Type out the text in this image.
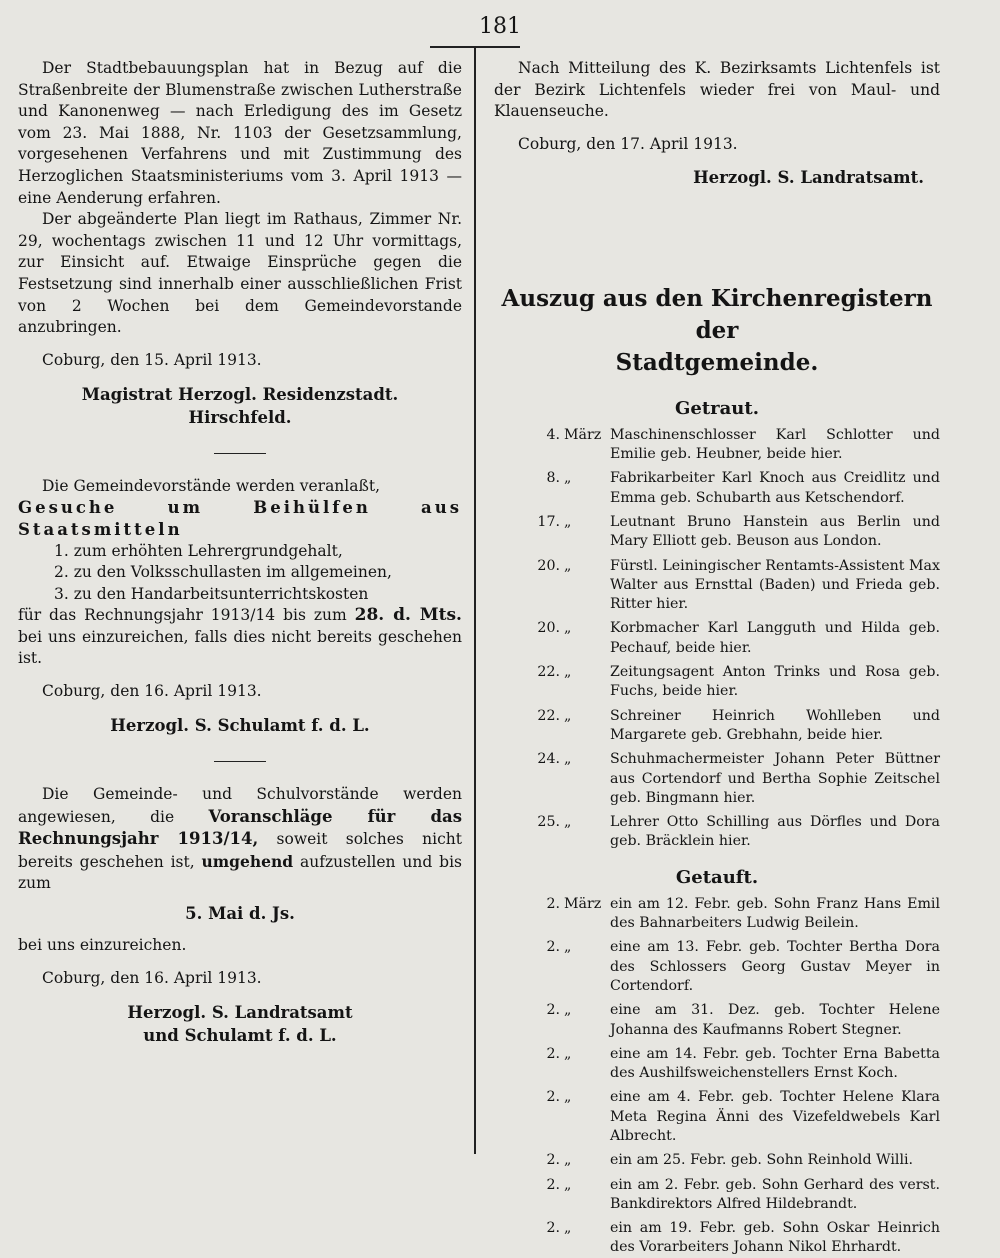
181

Der Stadtbebauungsplan hat in Bezug auf die Straßenbreite der Blumenstraße zwischen Lutherstraße und Kanonenweg — nach Erledigung des im Gesetz vom 23. Mai 1888, Nr. 1103 der Gesetzsammlung, vorgesehenen Verfahrens und mit Zustimmung des Herzoglichen Staatsministeriums vom 3. April 1913 — eine Aenderung erfahren.

Der abgeänderte Plan liegt im Rathaus, Zimmer Nr. 29, wochentags zwischen 11 und 12 Uhr vormittags, zur Einsicht auf. Etwaige Einsprüche gegen die Festsetzung sind innerhalb einer ausschließlichen Frist von 2 Wochen bei dem Gemeindevorstande anzubringen.

Coburg, den 15. April 1913.
Magistrat Herzogl. Residenzstadt.
Hirschfeld.

Die Gemeindevorstände werden veranlaßt,

Gesuche um Beihülfen aus Staatsmitteln

1. zum erhöhten Lehrergrundgehalt,
2. zu den Volksschullasten im allgemeinen,
3. zu den Handarbeitsunterrichtskosten

für das Rechnungsjahr 1913/14 bis zum 28. d. Mts. bei uns einzureichen, falls dies nicht bereits geschehen ist.

Coburg, den 16. April 1913.
Herzogl. S. Schulamt f. d. L.

Die Gemeinde- und Schulvorstände werden angewiesen, die Voranschläge für das Rechnungsjahr 1913/14, soweit solches nicht bereits geschehen ist, umgehend aufzustellen und bis zum

5. Mai d. Js.

bei uns einzureichen.

Coburg, den 16. April 1913.
Herzogl. S. Landratsamt
und Schulamt f. d. L.

Nach Mitteilung des K. Bezirksamts Lichtenfels ist der Bezirk Lichtenfels wieder frei von Maul- und Klauenseuche.

Coburg, den 17. April 1913.
Herzogl. S. Landratsamt.
Auszug aus den Kirchenregistern der
Stadtgemeinde.
Getraut.
4. März Maschinenschlosser Karl Schlotter und Emilie geb. Heubner, beide hier.
8. „	Fabrikarbeiter Karl Knoch aus Creidlitz und Emma geb. Schubarth aus Ketschendorf.
17. „	Leutnant Bruno Hanstein aus Berlin und Mary Elliott geb. Beuson aus London.
20. „	Fürstl. Leiningischer Rentamts-Assistent Max Walter aus Ernsttal (Baden) und Frieda geb. Ritter hier.
20. „	Korbmacher Karl Langguth und Hilda geb. Pechauf, beide hier.
22. „	Zeitungsagent Anton Trinks und Rosa geb. Fuchs, beide hier.
22. „	Schreiner Heinrich Wohlleben und Margarete geb. Grebhahn, beide hier.
24. „	Schuhmachermeister Johann Peter Büttner aus Cortendorf und Bertha Sophie Zeitschel geb. Bingmann hier.
25. „	Lehrer Otto Schilling aus Dörfles und Dora geb. Bräcklein hier.
Getauft.
2. März ein am 12. Febr. geb. Sohn Franz Hans Emil des Bahnarbeiters Ludwig Beilein.
2. „	eine am 13. Febr. geb. Tochter Bertha Dora des Schlossers Georg Gustav Meyer in Cortendorf.
2. „	eine am 31. Dez. geb. Tochter Helene Johanna des Kaufmanns Robert Stegner.
2. „	eine am 14. Febr. geb. Tochter Erna Babetta des Aushilfsweichenstellers Ernst Koch.
2. „	eine am 4. Febr. geb. Tochter Helene Klara Meta Regina Änni des Vizefeldwebels Karl Albrecht.
2. „	ein am 25. Febr. geb. Sohn Reinhold Willi.
2. „	ein am 2. Febr. geb. Sohn Gerhard des verst. Bankdirektors Alfred Hildebrandt.
2. „	ein am 19. Febr. geb. Sohn Oskar Heinrich des Vorarbeiters Johann Nikol Ehrhardt.
